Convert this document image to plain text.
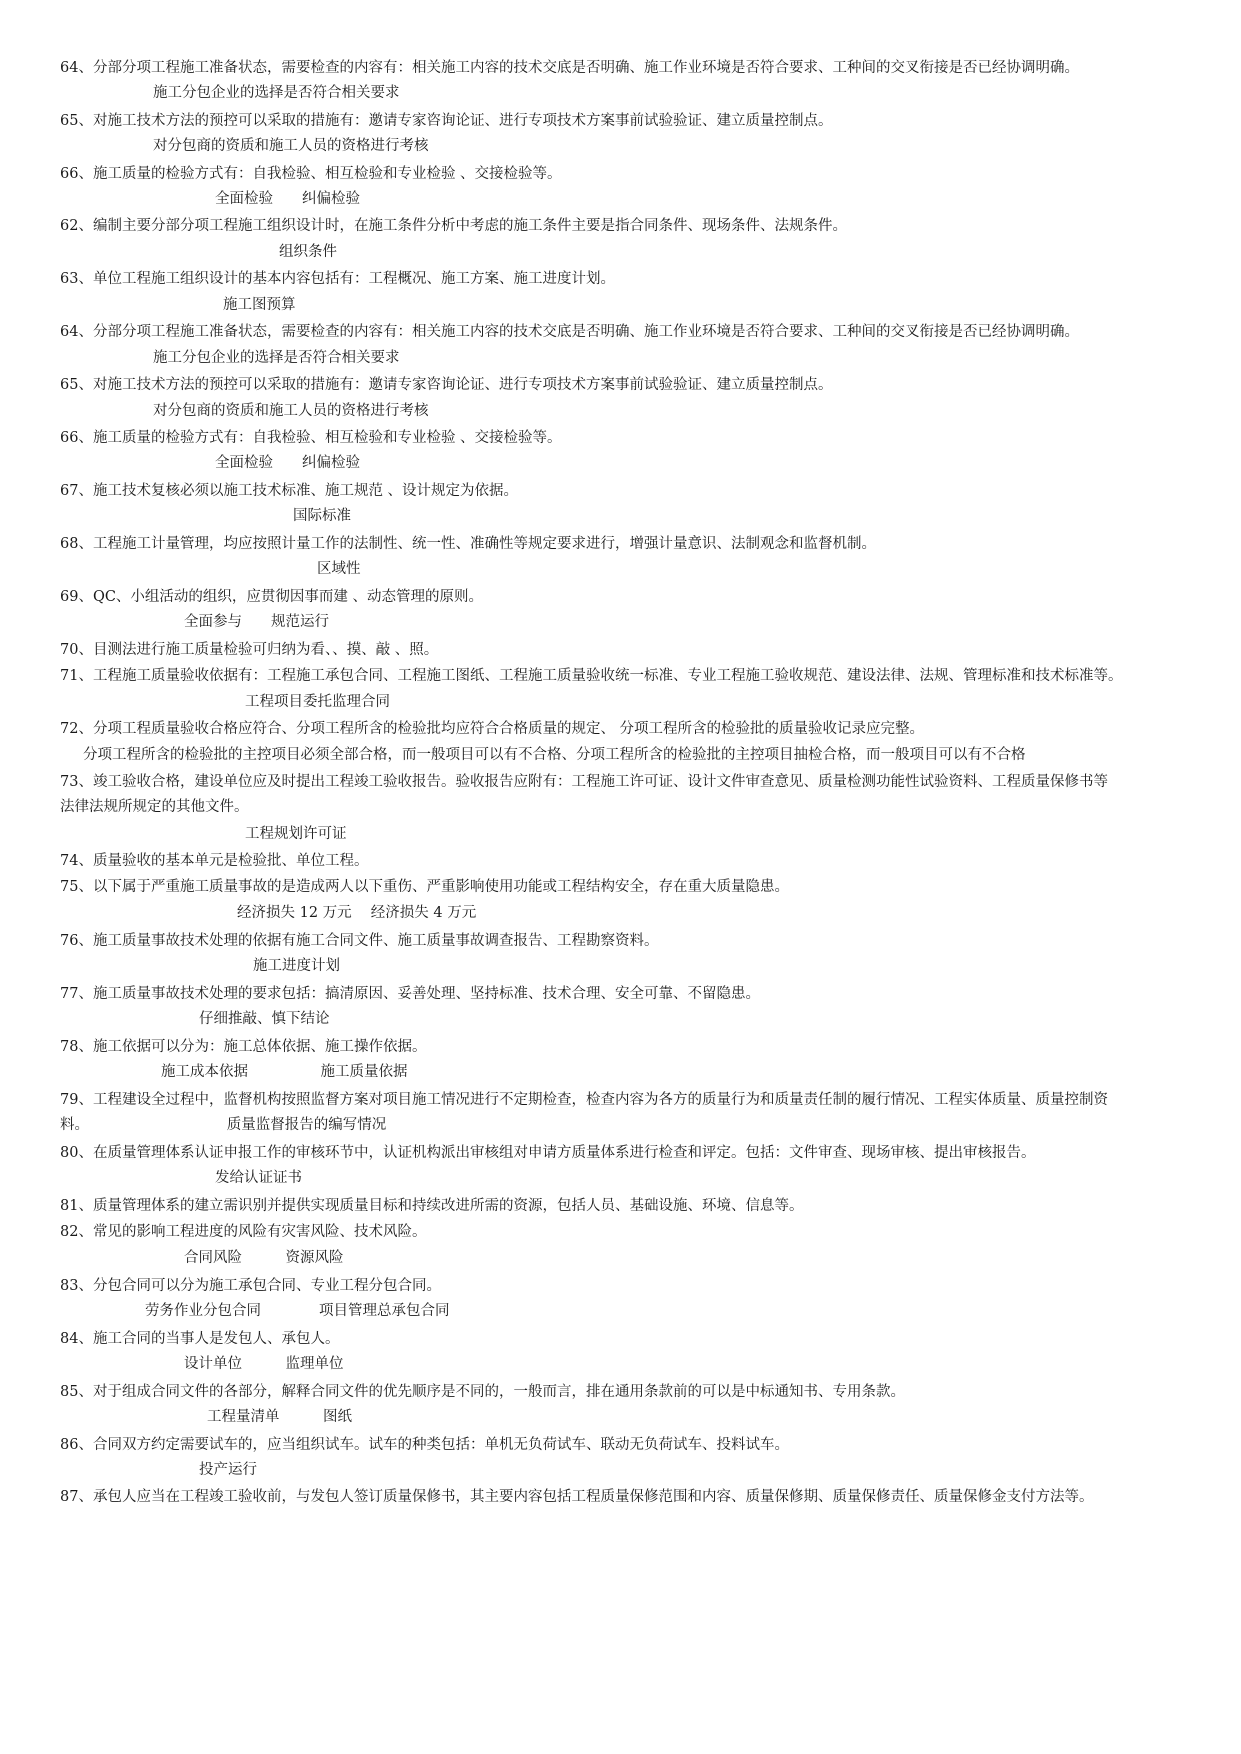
64、分部分项工程施工准备状态，需要检查的内容有：相关施工内容的技术交底是否明确、施工作业环境是否符合要求、工种间的交叉衔接是否已经协调明确。
施工分包企业的选择是否符合相关要求
65、对施工技术方法的预控可以采取的措施有：邀请专家咨询论证、进行专项技术方案事前试验验证、建立质量控制点。
对分包商的资质和施工人员的资格进行考核
66、施工质量的检验方式有：自我检验、相互检验和专业检验 、交接检验等。
全面检验　　纠偏检验
62、编制主要分部分项工程施工组织设计时，在施工条件分析中考虑的施工条件主要是指合同条件、现场条件、法规条件。
组织条件
63、单位工程施工组织设计的基本内容包括有：工程概况、施工方案、施工进度计划。
施工图预算
64、分部分项工程施工准备状态，需要检查的内容有：相关施工内容的技术交底是否明确、施工作业环境是否符合要求、工种间的交叉衔接是否已经协调明确。
施工分包企业的选择是否符合相关要求
65、对施工技术方法的预控可以采取的措施有：邀请专家咨询论证、进行专项技术方案事前试验验证、建立质量控制点。
对分包商的资质和施工人员的资格进行考核
66、施工质量的检验方式有：自我检验、相互检验和专业检验 、交接检验等。
全面检验　　纠偏检验
67、施工技术复核必须以施工技术标准、施工规范 、设计规定为依据。
国际标准
68、工程施工计量管理，均应按照计量工作的法制性、统一性、准确性等规定要求进行，增强计量意识、法制观念和监督机制。
区域性
69、QC、小组活动的组织，应贯彻因事而建 、动态管理的原则。
全面参与　　规范运行
70、目测法进行施工质量检验可归纳为看、、摸、敲 、照。
71、工程施工质量验收依据有：工程施工承包合同、工程施工图纸、工程施工质量验收统一标准、专业工程施工验收规范、建设法律、法规、管理标准和技术标准等。
工程项目委托监理合同
72、分项工程质量验收合格应符合、分项工程所含的检验批均应符合合格质量的规定、 分项工程所含的检验批的质量验收记录应完整。
分项工程所含的检验批的主控项目必须全部合格，而一般项目可以有不合格、分项工程所含的检验批的主控项目抽检合格，而一般项目可以有不合格
73、竣工验收合格，建设单位应及时提出工程竣工验收报告。验收报告应附有：工程施工许可证、设计文件审查意见、质量检测功能性试验资料、工程质量保修书等
法律法规所规定的其他文件。
工程规划许可证
74、质量验收的基本单元是检验批、单位工程。
75、以下属于严重施工质量事故的是造成两人以下重伤、严重影响使用功能或工程结构安全，存在重大质量隐患。
经济损失 12 万元　 经济损失 4 万元
76、施工质量事故技术处理的依据有施工合同文件、施工质量事故调查报告、工程勘察资料。
施工进度计划
77、施工质量事故技术处理的要求包括：搞清原因、妥善处理、坚持标准、技术合理、安全可靠、不留隐患。
仔细推敲、慎下结论
78、施工依据可以分为：施工总体依据、施工操作依据。
施工成本依据　　　　　施工质量依据
79、工程建设全过程中，监督机构按照监督方案对项目施工情况进行不定期检查，检查内容为各方的质量行为和质量责任制的履行情况、工程实体质量、质量控制资
料。　　　　　　　　　　质量监督报告的编写情况
80、在质量管理体系认证申报工作的审核环节中，认证机构派出审核组对申请方质量体系进行检查和评定。包括：文件审查、现场审核、提出审核报告。
发给认证证书
81、质量管理体系的建立需识别并提供实现质量目标和持续改进所需的资源，包括人员、基础设施、环境、信息等。
82、常见的影响工程进度的风险有灾害风险、技术风险。
合同风险　　　资源风险
83、分包合同可以分为施工承包合同、专业工程分包合同。
劳务作业分包合同　　　　项目管理总承包合同
84、施工合同的当事人是发包人、承包人。
设计单位　　　监理单位
85、对于组成合同文件的各部分，解释合同文件的优先顺序是不同的，一般而言，排在通用条款前的可以是中标通知书、专用条款。
工程量清单　　　图纸
86、合同双方约定需要试车的，应当组织试车。试车的种类包括：单机无负荷试车、联动无负荷试车、投料试车。
投产运行
87、承包人应当在工程竣工验收前，与发包人签订质量保修书，其主要内容包括工程质量保修范围和内容、质量保修期、质量保修责任、质量保修金支付方法等。
